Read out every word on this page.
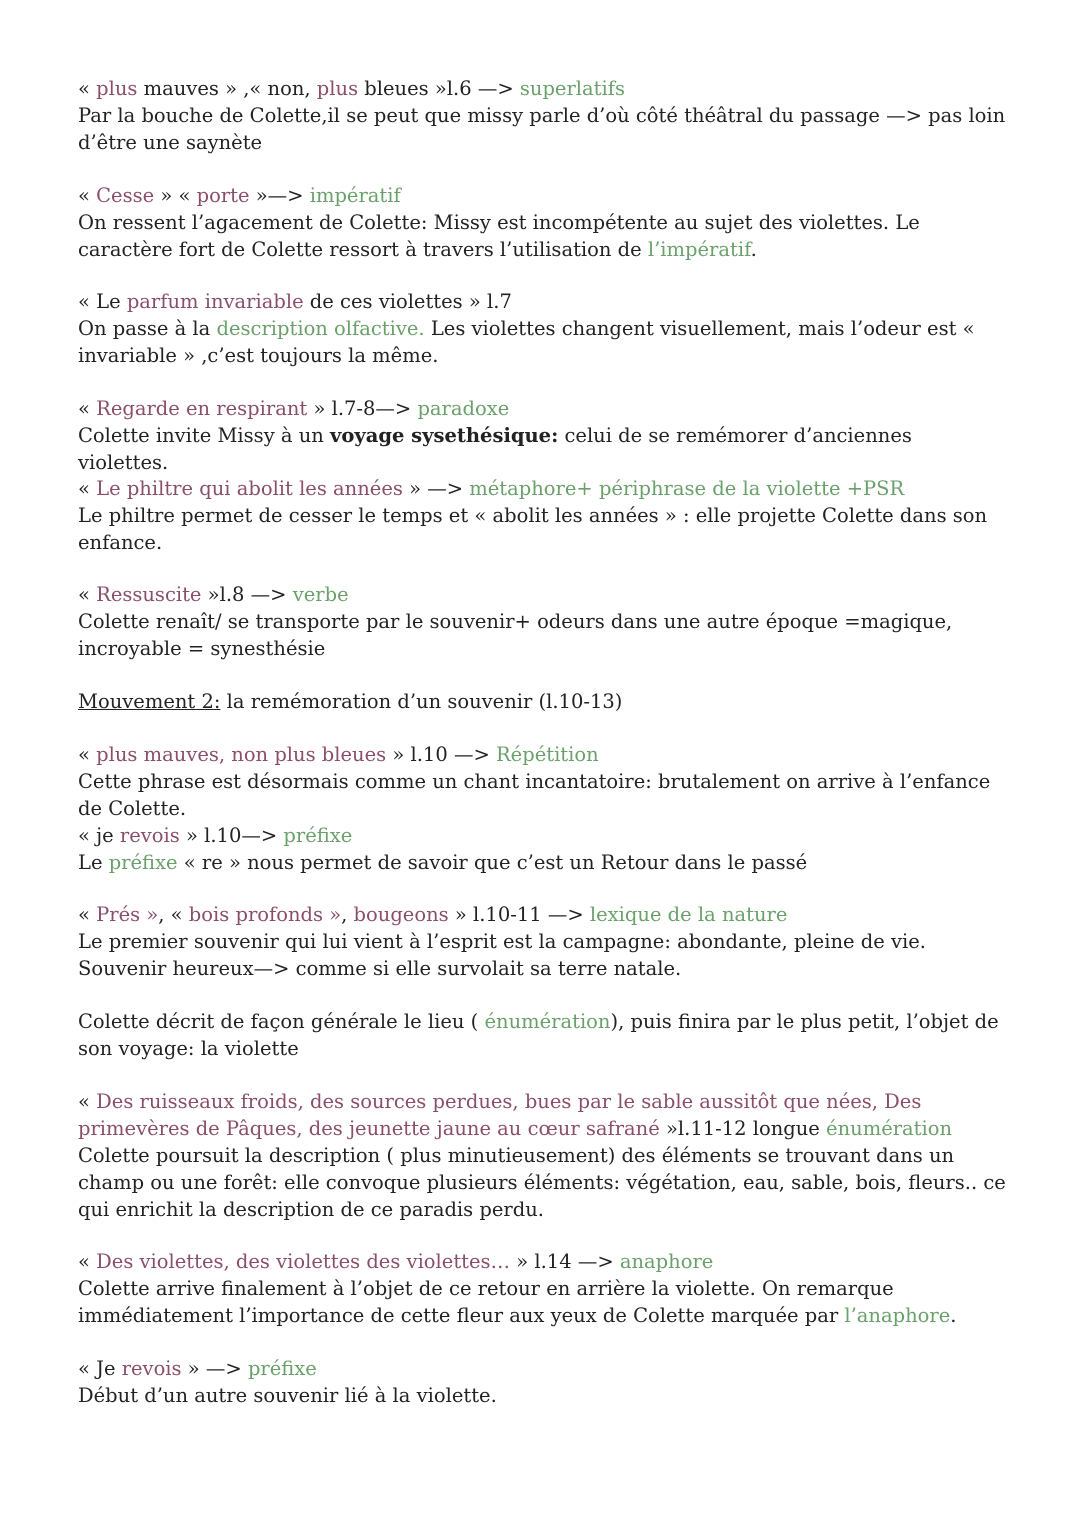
« plus mauves » ,« non, plus bleues »l.6 —> superlatifs
Par la bouche de Colette,il se peut que missy parle d’où côté théâtral du passage —> pas loin d’être une saynète
« Cesse » « porte »—> impératif
On ressent l’agacement de Colette: Missy est incompétente au sujet des violettes. Le caractère fort de Colette ressort à travers l’utilisation de l’impératif.
« Le parfum invariable de ces violettes » l.7
On passe à la description olfactive. Les violettes changent visuellement, mais l’odeur est « invariable » ,c’est toujours la même.
« Regarde en respirant » l.7-8—> paradoxe
Colette invite Missy à un voyage sysethésique: celui de se remémorer d’anciennes violettes.
« Le philtre qui abolit les années » —> métaphore+ périphrase de la violette +PSR
Le philtre permet de cesser le temps et « abolit les années » : elle projette Colette dans son enfance.
« Ressuscite »l.8 —> verbe
Colette renaît/ se transporte par le souvenir+ odeurs dans une autre époque =magique, incroyable = synesthésie
Mouvement 2: la remémoration d’un souvenir (l.10-13)
« plus mauves, non plus bleues » l.10 —> Répétition
Cette phrase est désormais comme un chant incantatoire: brutalement on arrive à l’enfance de Colette.
« je revois » l.10—> préfixe
Le préfixe « re » nous permet de savoir que c’est un Retour dans le passé
« Prés », « bois profonds », bougeons » l.10-11 —> lexique de la nature
Le premier souvenir qui lui vient à l’esprit est la campagne: abondante, pleine de vie. Souvenir heureux—> comme si elle survolait sa terre natale.
Colette décrit de façon générale le lieu ( énumération), puis finira par le plus petit, l’objet de son voyage: la violette
« Des ruisseaux froids, des sources perdues, bues par le sable aussitôt que nées, Des primevères de Pâques, des jeunette jaune au cœur safrané »l.11-12 longue énumération
Colette poursuit la description ( plus minutieusement) des éléments se trouvant dans un champ ou une forêt: elle convoque plusieurs éléments: végétation, eau, sable, bois, fleurs.. ce qui enrichit la description de ce paradis perdu.
« Des violettes, des violettes des violettes… » l.14 —> anaphore
Colette arrive finalement à l’objet de ce retour en arrière la violette. On remarque immédiatement l’importance de cette fleur aux yeux de Colette marquée par l’anaphore.
« Je revois » —> préfixe
Début d’un autre souvenir lié à la violette.
